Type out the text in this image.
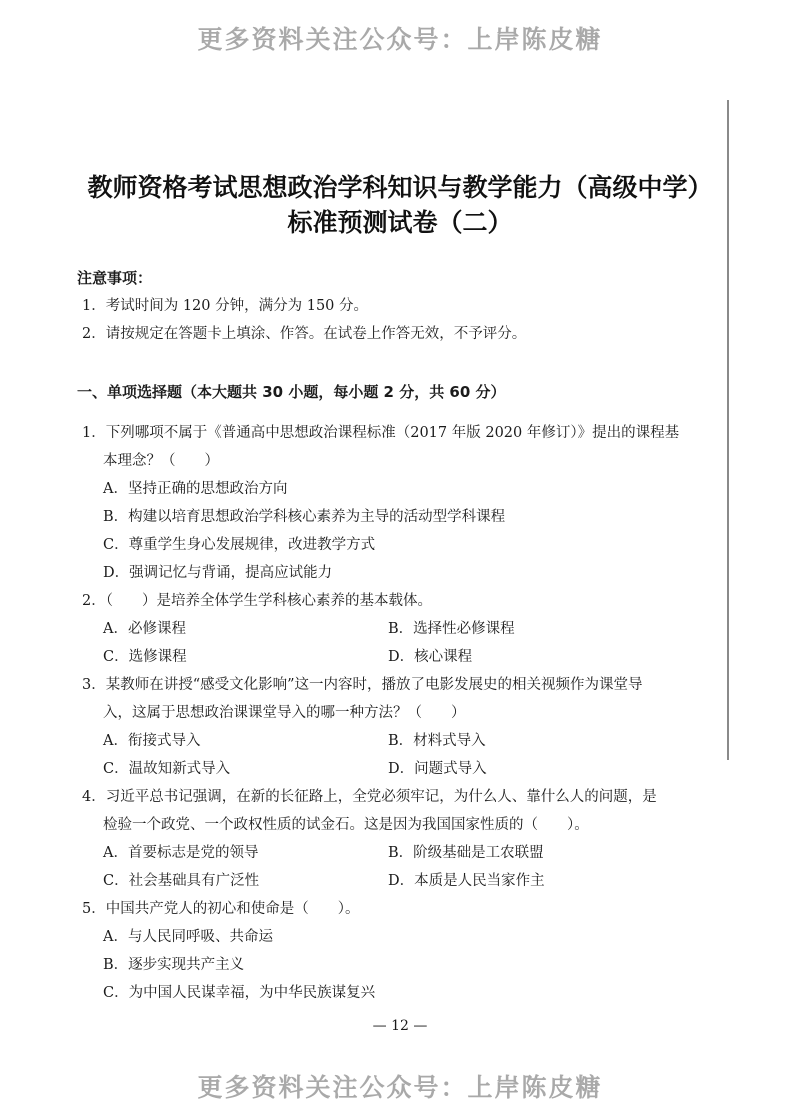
更多资料关注公众号：上岸陈皮糖
教师资格考试思想政治学科知识与教学能力（高级中学）
标准预测试卷（二）
注意事项：
1．考试时间为 120 分钟，满分为 150 分。
2．请按规定在答题卡上填涂、作答。在试卷上作答无效，不予评分。
一、单项选择题（本大题共 30 小题，每小题 2 分，共 60 分）
1．下列哪项不属于《普通高中思想政治课程标准（2017 年版 2020 年修订）》提出的课程基
本理念？（　　）
A．坚持正确的思想政治方向
B．构建以培育思想政治学科核心素养为主导的活动型学科课程
C．尊重学生身心发展规律，改进教学方式
D．强调记忆与背诵，提高应试能力
2．（　　）是培养全体学生学科核心素养的基本载体。
A．必修课程	B．选择性必修课程
C．选修课程	D．核心课程
3．某教师在讲授“感受文化影响”这一内容时，播放了电影发展史的相关视频作为课堂导
入，这属于思想政治课课堂导入的哪一种方法？（　　）
A．衔接式导入	B．材料式导入
C．温故知新式导入	D．问题式导入
4．习近平总书记强调，在新的长征路上，全党必须牢记，为什么人、靠什么人的问题，是
检验一个政党、一个政权性质的试金石。这是因为我国国家性质的（　　）。
A．首要标志是党的领导	B．阶级基础是工农联盟
C．社会基础具有广泛性	D．本质是人民当家作主
5．中国共产党人的初心和使命是（　　）。
A．与人民同呼吸、共命运
B．逐步实现共产主义
C．为中国人民谋幸福，为中华民族谋复兴
— 12 —
更多资料关注公众号：上岸陈皮糖
